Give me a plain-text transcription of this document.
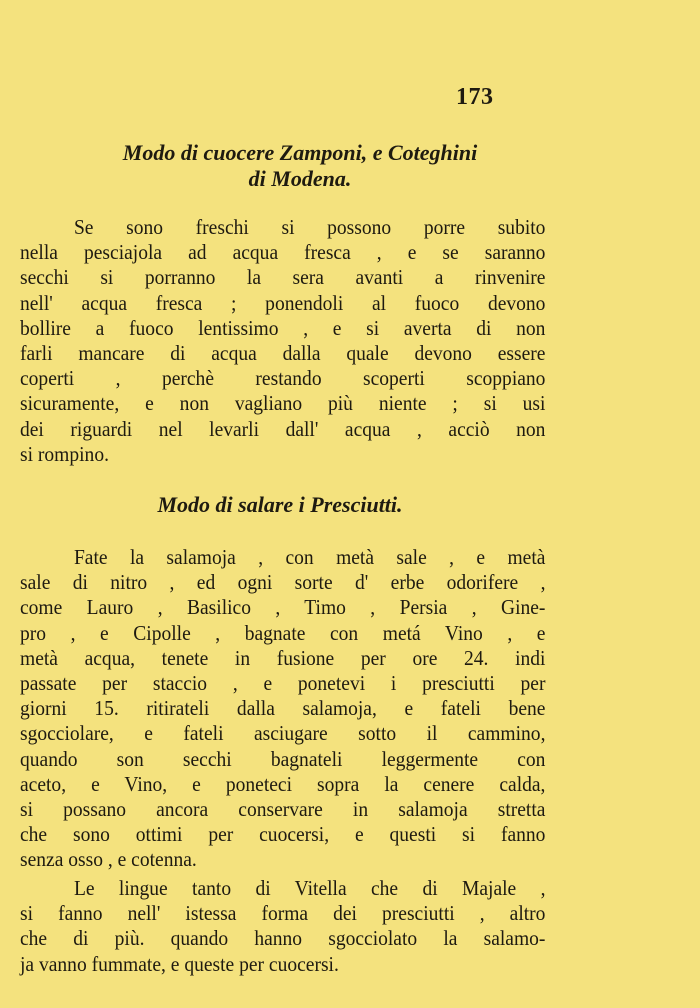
173
Modo di cuocere Zamponi, e Coteghini
di Modena.
Se sono freschi si possono porre subito
nella pesciajola ad acqua fresca , e se saranno
secchi si porranno la sera avanti a rinvenire
nell' acqua fresca ; ponendoli al fuoco devono
bollire a fuoco lentissimo , e si averta di non
farli mancare di acqua dalla quale devono essere
coperti , perchè restando scoperti scoppiano
sicuramente, e non vagliano più niente ; si usi
dei riguardi nel levarli dall' acqua , acciò non
si rompino.
Modo di salare i Presciutti.
Fate la salamoja , con metà sale , e metà
sale di nitro , ed ogni sorte d' erbe odorifere ,
come Lauro , Basilico , Timo , Persia , Gine-
pro , e Cipolle , bagnate con metá Vino , e
metà acqua, tenete in fusione per ore 24. indi
passate per staccio , e ponetevi i presciutti per
giorni 15. ritirateli dalla salamoja, e fateli bene
sgocciolare, e fateli asciugare sotto il cammino,
quando son secchi bagnateli leggermente con
aceto, e Vino, e poneteci sopra la cenere calda,
si possano ancora conservare in salamoja stretta
che sono ottimi per cuocersi, e questi si fanno
senza osso , e cotenna.
Le lingue tanto di Vitella che di Majale ,
si fanno nell' istessa forma dei presciutti , altro
che di più. quando hanno sgocciolato la salamo-
ja vanno fummate, e queste per cuocersi.
